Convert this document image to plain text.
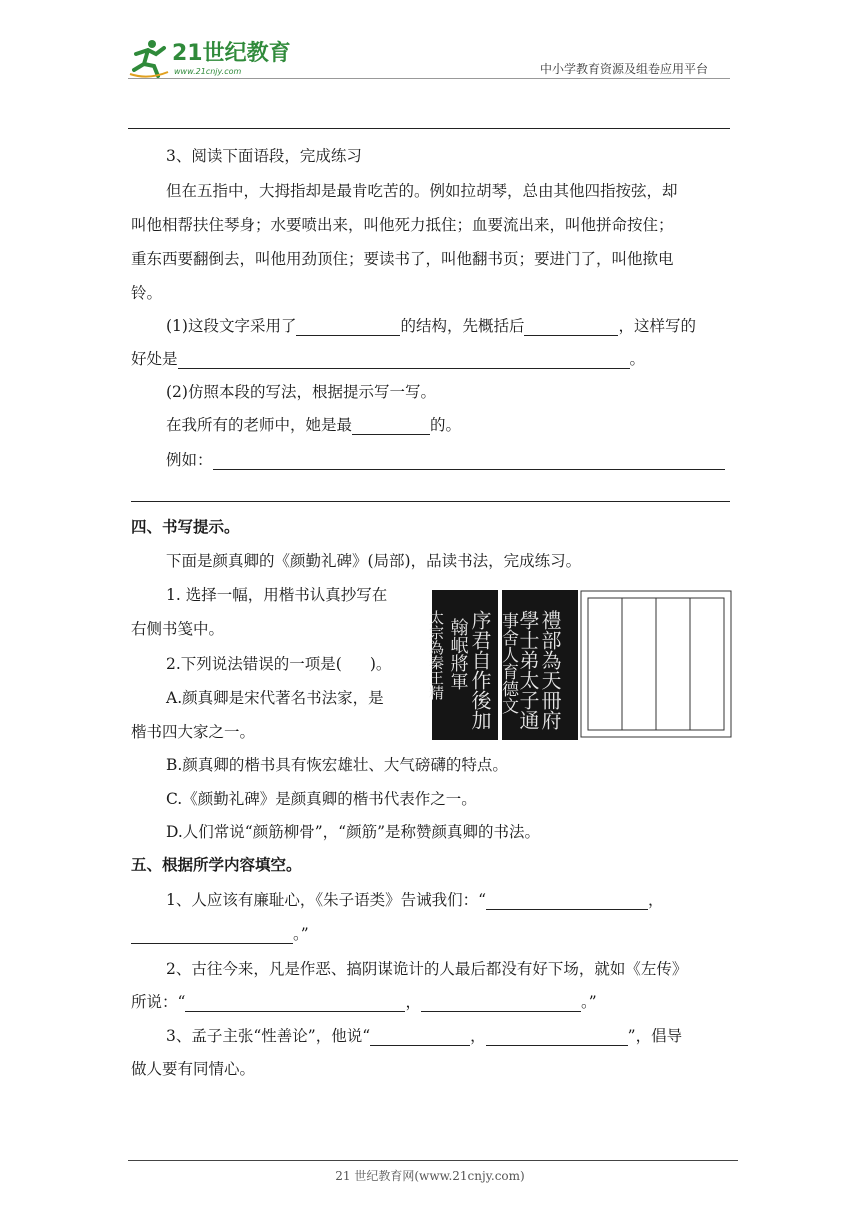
21世纪教育
www.21cnjy.com	中小学教育资源及组卷应用平台
3、阅读下面语段，完成练习
但在五指中，大拇指却是最肯吃苦的。例如拉胡琴，总由其他四指按弦，却
叫他相帮扶住琴身；水要喷出来，叫他死力抵住；血要流出来，叫他拼命按住；
重东西要翻倒去，叫他用劲顶住；要读书了，叫他翻书页；要进门了，叫他揿电
铃。
(1)这段文字采用了	的结构，先概括后	，这样写的
好处是	。
(2)仿照本段的写法，根据提示写一写。
在我所有的老师中，她是最	的。
例如：
四、书写提示。
下面是颜真卿的《颜勤礼碑》(局部)，品读书法，完成练习。
1. 选择一幅，用楷书认真抄写在
右侧书笺中。
2.下列说法错误的一项是( )。
A.颜真卿是宋代著名书法家，是
楷书四大家之一。
B.颜真卿的楷书具有恢宏雄壮、大气磅礴的特点。
C.《颜勤礼碑》是颜真卿的楷书代表作之一。
D.人们常说“颜筋柳骨”，“颜筋”是称赞颜真卿的书法。
禮部為天冊府
學士弟太子通
事舍人育德文
序君自作後加
翰岷將軍
太宗為秦王精
五、根据所学内容填空。
1、人应该有廉耻心，《朱子语类》告诫我们：“	，
。”
2、古往今来，凡是作恶、搞阴谋诡计的人最后都没有好下场，就如《左传》
所说：“	，	。”
3、孟子主张“性善论”，他说“	，	”，倡导
做人要有同情心。
21 世纪教育网(www.21cnjy.com)
